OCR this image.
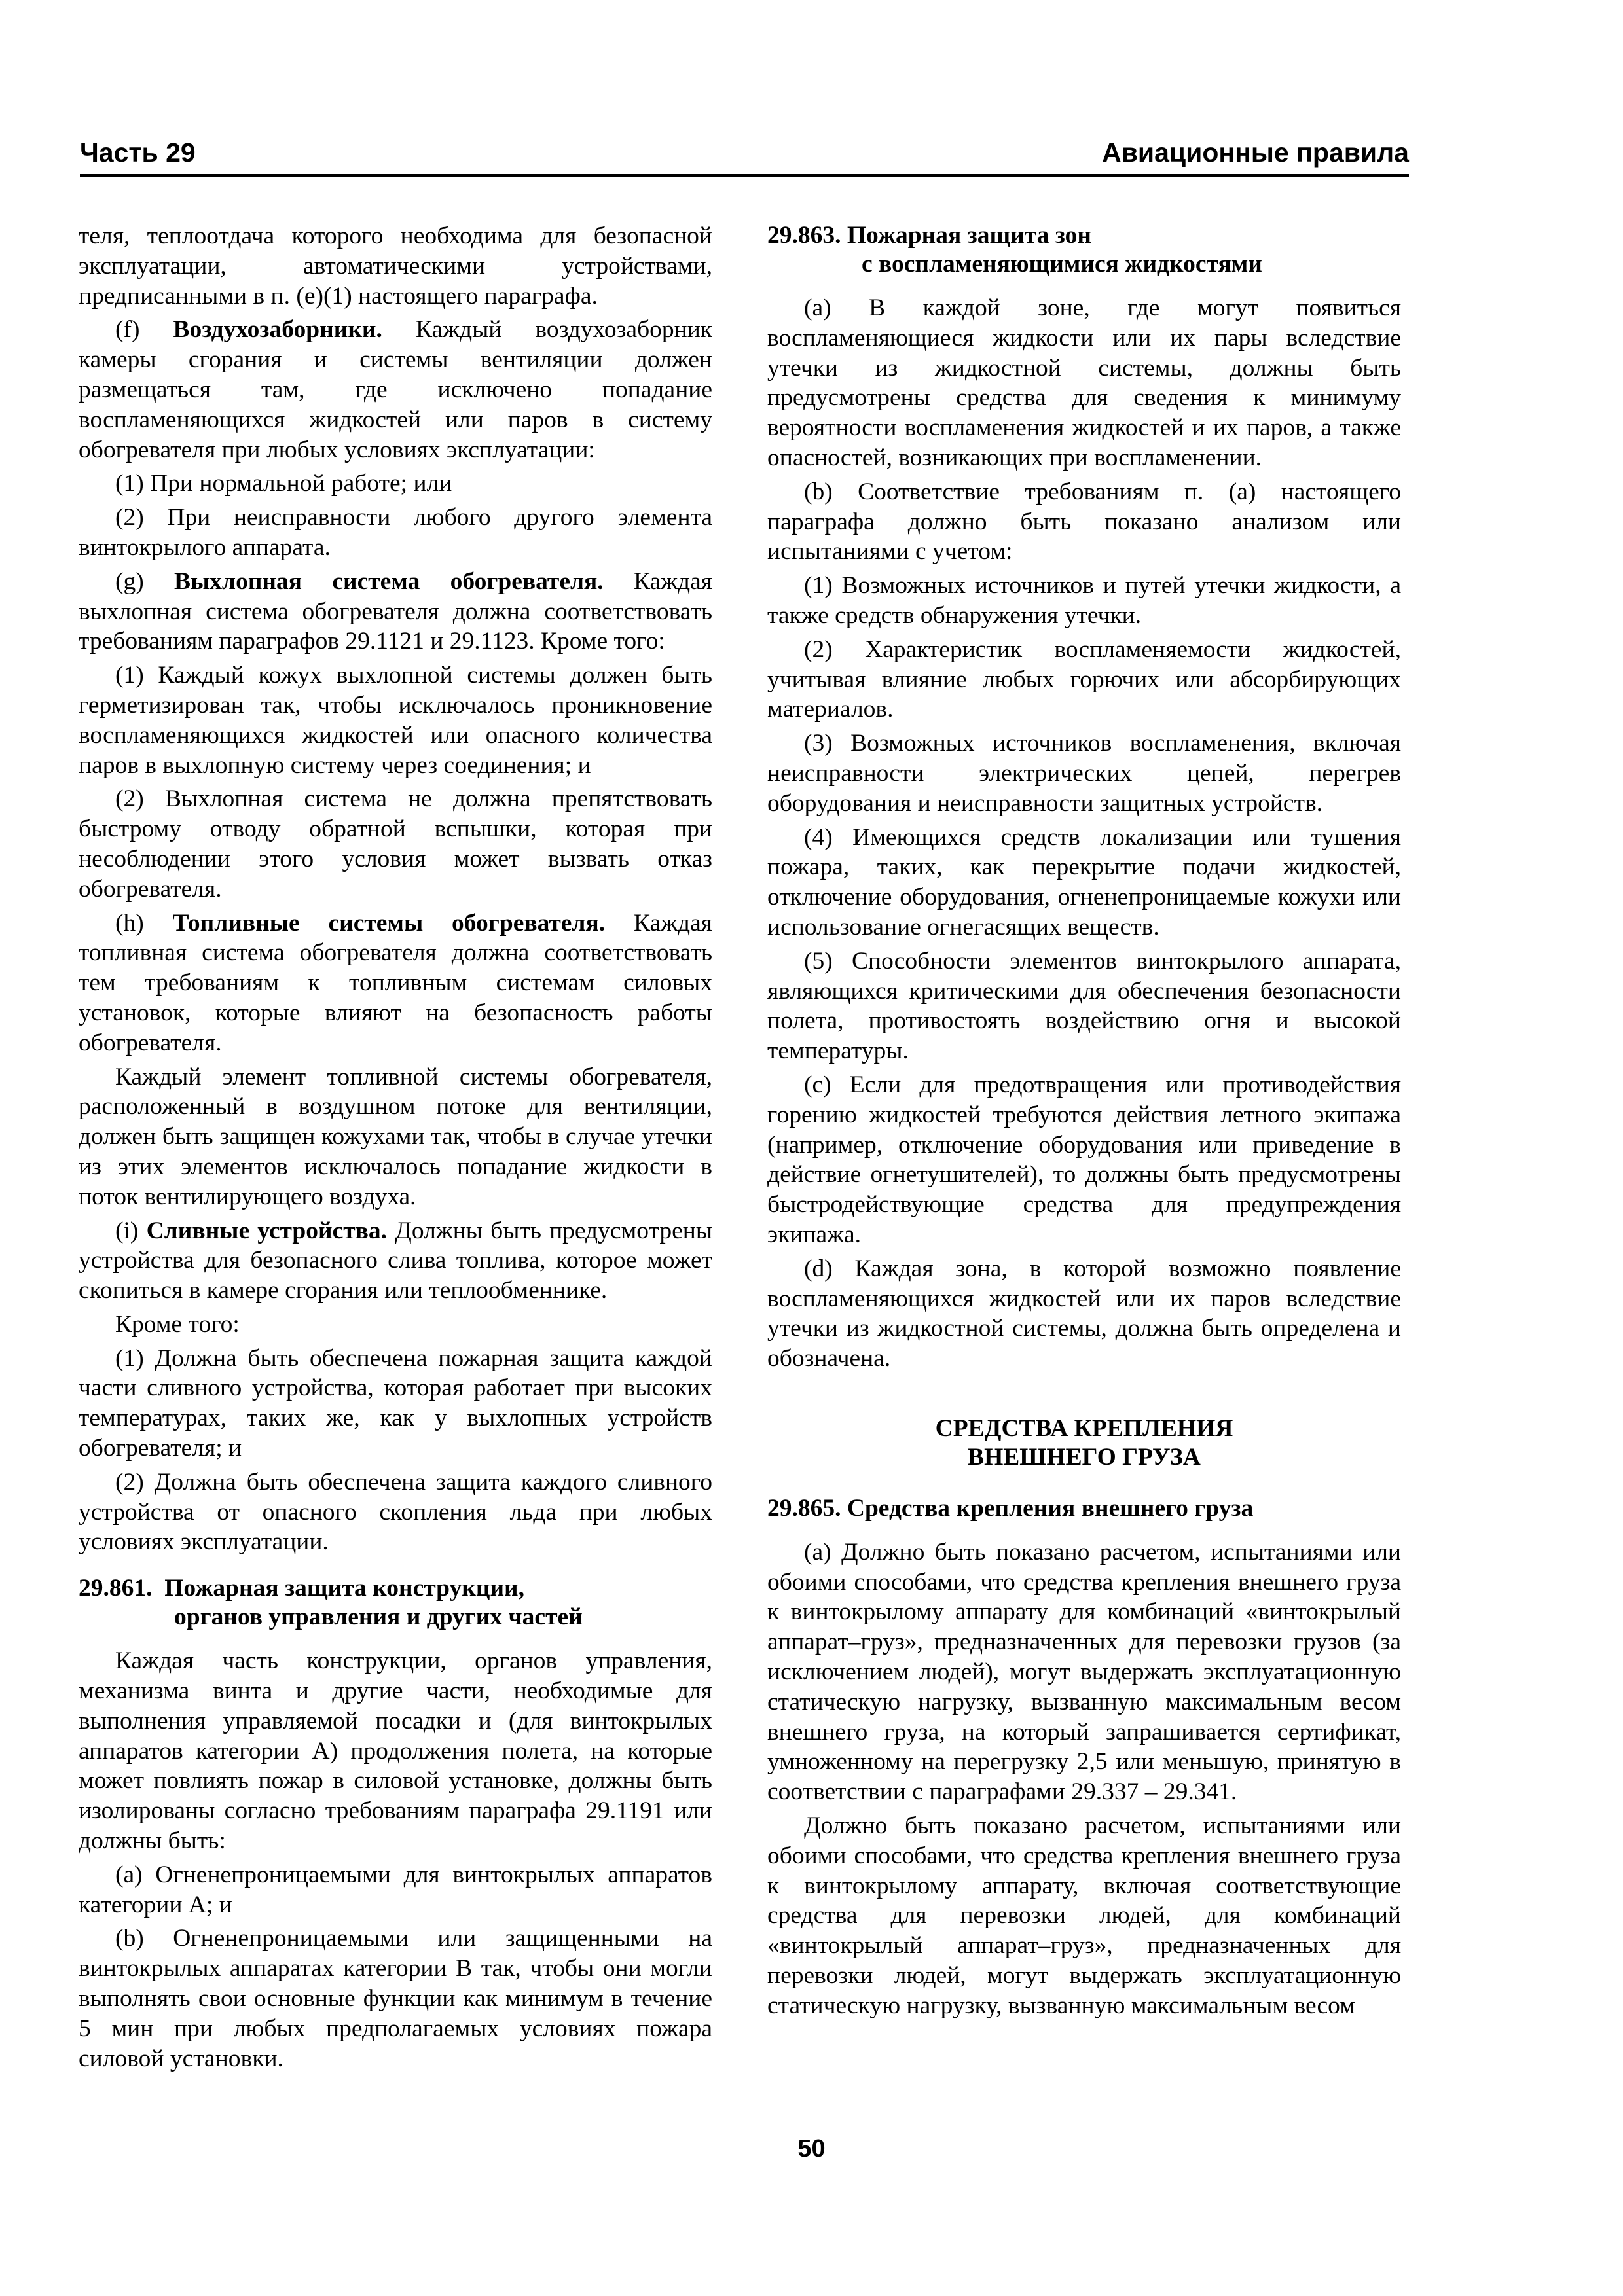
Часть 29	Авиационные правила

теля, теплоотдача которого необходима для безопасной эксплуатации, автоматическими устройствами, предписанными в п. (e)(1) настоящего параграфа.

(f) Воздухозаборники. Каждый воздухозаборник камеры сгорания и системы вентиляции должен размещаться там, где исключено попадание воспламеняющихся жидкостей или паров в систему обогревателя при любых условиях эксплуатации:

(1) При нормальной работе; или

(2) При неисправности любого другого элемента винтокрылого аппарата.

(g) Выхлопная система обогревателя. Каждая выхлопная система обогревателя должна соответствовать требованиям параграфов 29.1121 и 29.1123. Кроме того:

(1) Каждый кожух выхлопной системы должен быть герметизирован так, чтобы исключалось проникновение воспламеняющихся жидкостей или опасного количества паров в выхлопную систему через соединения; и

(2) Выхлопная система не должна препятствовать быстрому отводу обратной вспышки, которая при несоблюдении этого условия может вызвать отказ обогревателя.

(h) Топливные системы обогревателя. Каждая топливная система обогревателя должна соответствовать тем требованиям к топливным системам силовых установок, которые влияют на безопасность работы обогревателя.

Каждый элемент топливной системы обогревателя, расположенный в воздушном потоке для вентиляции, должен быть защищен кожухами так, чтобы в случае утечки из этих элементов исключалось попадание жидкости в поток вентилирующего воздуха.

(i) Сливные устройства. Должны быть предусмотрены устройства для безопасного слива топлива, которое может скопиться в камере сгорания или теплообменнике.

Кроме того:

(1) Должна быть обеспечена пожарная защита каждой части сливного устройства, которая работает при высоких температурах, таких же, как у выхлопных устройств обогревателя; и

(2) Должна быть обеспечена защита каждого сливного устройства от опасного скопления льда при любых условиях эксплуатации.

29.861. Пожарная защита конструкции,
органов управления и других частей

Каждая часть конструкции, органов управления, механизма винта и другие части, необходимые для выполнения управляемой посадки и (для винтокрылых аппаратов категории А) продолжения полета, на которые может повлиять пожар в силовой установке, должны быть изолированы согласно требованиям параграфа 29.1191 или должны быть:

(a) Огненепроницаемыми для винтокрылых аппаратов категории А; и

(b) Огненепроницаемыми или защищенными на винтокрылых аппаратах категории В так, чтобы они могли выполнять свои основные функции как минимум в течение 5 мин при любых предполагаемых условиях пожара силовой установки.

29.863. Пожарная защита зон
с воспламеняющимися жидкостями

(a) В каждой зоне, где могут появиться воспламеняющиеся жидкости или их пары вследствие утечки из жидкостной системы, должны быть предусмотрены средства для сведения к минимуму вероятности воспламенения жидкостей и их паров, а также опасностей, возникающих при воспламенении.

(b) Соответствие требованиям п. (a) настоящего параграфа должно быть показано анализом или испытаниями с учетом:

(1) Возможных источников и путей утечки жидкости, а также средств обнаружения утечки.

(2) Характеристик воспламеняемости жидкостей, учитывая влияние любых горючих или абсорбирующих материалов.

(3) Возможных источников воспламенения, включая неисправности электрических цепей, перегрев оборудования и неисправности защитных устройств.

(4) Имеющихся средств локализации или тушения пожара, таких, как перекрытие подачи жидкостей, отключение оборудования, огненепроницаемые кожухи или использование огнегасящих веществ.

(5) Способности элементов винтокрылого аппарата, являющихся критическими для обеспечения безопасности полета, противостоять воздействию огня и высокой температуры.

(c) Если для предотвращения или противодействия горению жидкостей требуются действия летного экипажа (например, отключение оборудования или приведение в действие огнетушителей), то должны быть предусмотрены быстродействующие средства для предупреждения экипажа.

(d) Каждая зона, в которой возможно появление воспламеняющихся жидкостей или их паров вследствие утечки из жидкостной системы, должна быть определена и обозначена.

СРЕДСТВА КРЕПЛЕНИЯ
ВНЕШНЕГО ГРУЗА
29.865. Средства крепления внешнего груза

(a) Должно быть показано расчетом, испытаниями или обоими способами, что средства крепления внешнего груза к винтокрылому аппарату для комбинаций «винтокрылый аппарат–груз», предназначенных для перевозки грузов (за исключением людей), могут выдержать эксплуатационную статическую нагрузку, вызванную максимальным весом внешнего груза, на который запрашивается сертификат, умноженному на перегрузку 2,5 или меньшую, принятую в соответствии с параграфами 29.337 – 29.341.

Должно быть показано расчетом, испытаниями или обоими способами, что средства крепления внешнего груза к винтокрылому аппарату, включая соответствующие средства для перевозки людей, для комбинаций «винтокрылый аппарат–груз», предназначенных для перевозки людей, могут выдержать эксплуатационную статическую нагрузку, вызванную максимальным весом

50
